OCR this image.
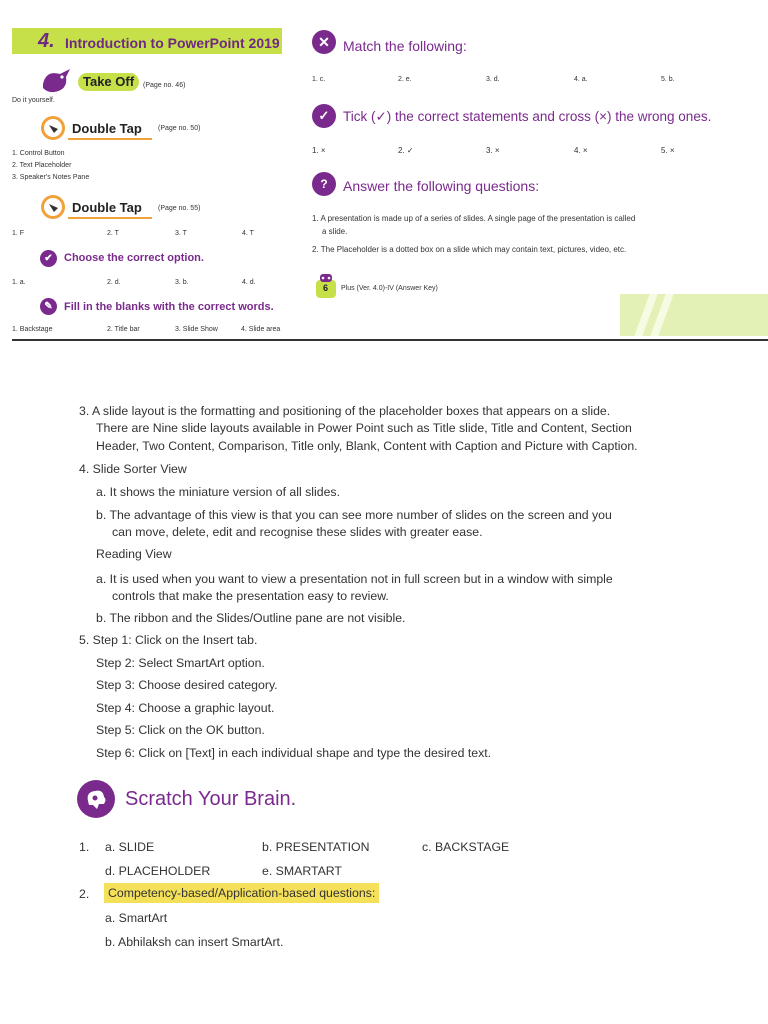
4. Introduction to PowerPoint 2019
Take Off	(Page no. 46)
Do it yourself.
Double Tap (Page no. 50)
1. Control Button
2. Text Placeholder
3. Speaker's Notes Pane
Double Tap (Page no. 55)
1. F	2. T	3. T	4. T
✔	Choose the correct option.
1. a.	2. d.	3. b.	4. d.
✎	Fill in the blanks with the correct words.
1. Backstage	2. Title bar	3. Slide Show	4. Slide area
✕ Match the following:
1. c.	2. e.	3. d.	4. a.	5. b.
✓	Tick (✓) the correct statements and cross (×) the wrong ones.
1. ×	2. ✓	3. ×	4. ×	5. ×
?	Answer the following questions:
1. A presentation is made up of a series of slides. A single page of the presentation is called
a slide.
2. The Placeholder is a dotted box on a slide which may contain text, pictures, video, etc.
6 Plus (Ver. 4.0)-IV (Answer Key)
3. A slide layout is the formatting and positioning of the placeholder boxes that appears on a slide.
There are Nine slide layouts available in Power Point such as Title slide, Title and Content, Section
Header, Two Content, Comparison, Title only, Blank, Content with Caption and Picture with Caption.
4. Slide Sorter View
a. It shows the miniature version of all slides.
b. The advantage of this view is that you can see more number of slides on the screen and you
can move, delete, edit and recognise these slides with greater ease.
Reading View
a. It is used when you want to view a presentation not in full screen but in a window with simple
controls that make the presentation easy to review.
b. The ribbon and the Slides/Outline pane are not visible.
5. Step 1: Click on the Insert tab.
Step 2: Select SmartArt option.
Step 3: Choose desired category.
Step 4: Choose a graphic layout.
Step 5: Click on the OK button.
Step 6: Click on [Text] in each individual shape and type the desired text.
Scratch Your Brain.
1. a. SLIDE	b. PRESENTATION	c. BACKSTAGE
d. PLACEHOLDER	e. SMARTART
2.	Competency-based/Application-based questions:
a. SmartArt
b. Abhilaksh can insert SmartArt.
